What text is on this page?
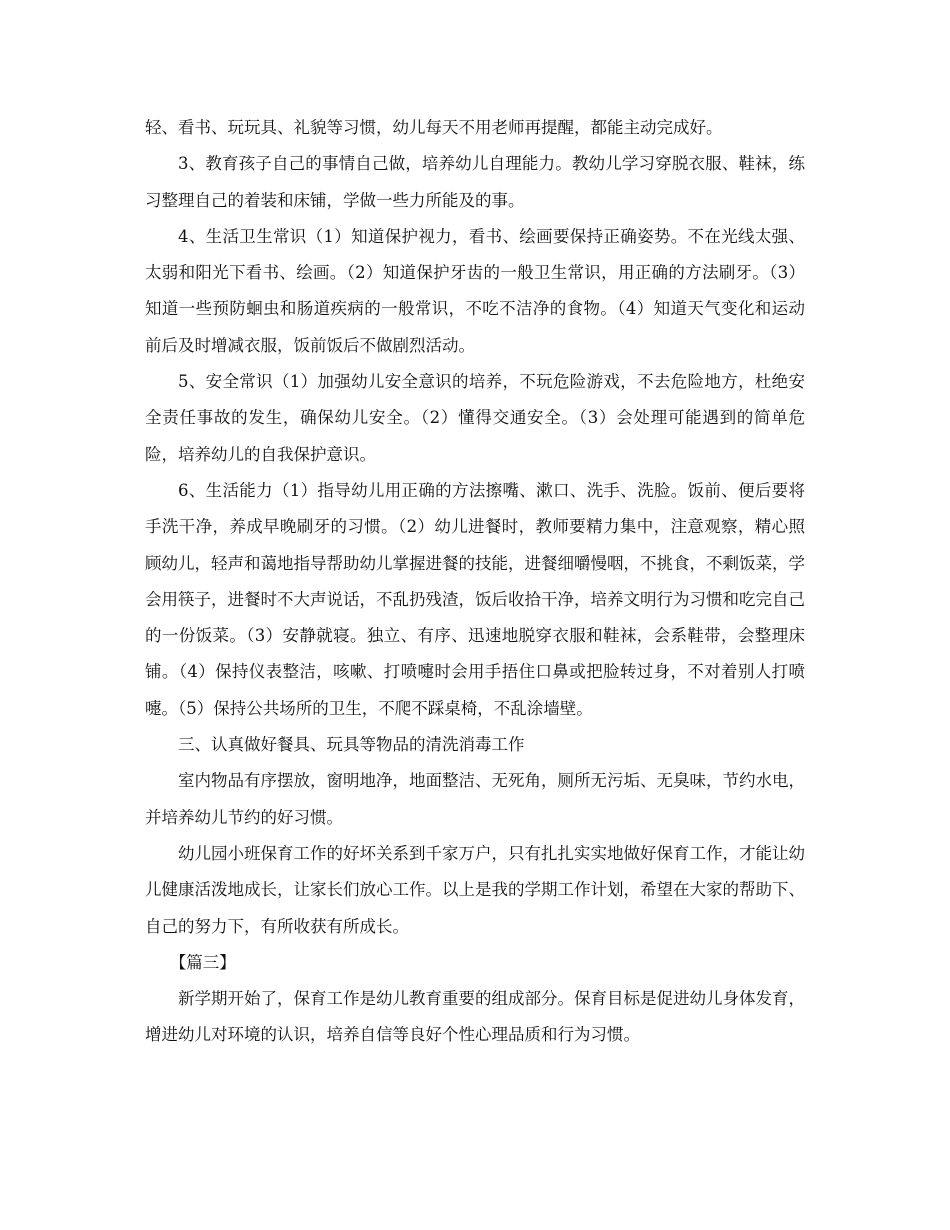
轻、看书、玩玩具、礼貌等习惯，幼儿每天不用老师再提醒，都能主动完成好。

3、教育孩子自己的事情自己做，培养幼儿自理能力。教幼儿学习穿脱衣服、鞋袜，练习整理自己的着装和床铺，学做一些力所能及的事。

4、生活卫生常识（1）知道保护视力，看书、绘画要保持正确姿势。不在光线太强、太弱和阳光下看书、绘画。（2）知道保护牙齿的一般卫生常识，用正确的方法刷牙。（3）知道一些预防蛔虫和肠道疾病的一般常识，不吃不洁净的食物。（4）知道天气变化和运动前后及时增减衣服，饭前饭后不做剧烈活动。

5、安全常识（1）加强幼儿安全意识的培养，不玩危险游戏，不去危险地方，杜绝安全责任事故的发生，确保幼儿安全。（2）懂得交通安全。（3）会处理可能遇到的简单危险，培养幼儿的自我保护意识。

6、生活能力（1）指导幼儿用正确的方法擦嘴、漱口、洗手、洗脸。饭前、便后要将手洗干净，养成早晚刷牙的习惯。（2）幼儿进餐时，教师要精力集中，注意观察，精心照顾幼儿，轻声和蔼地指导帮助幼儿掌握进餐的技能，进餐细嚼慢咽，不挑食，不剩饭菜，学会用筷子，进餐时不大声说话，不乱扔残渣，饭后收拾干净，培养文明行为习惯和吃完自己的一份饭菜。（3）安静就寝。独立、有序、迅速地脱穿衣服和鞋袜，会系鞋带，会整理床铺。（4）保持仪表整洁，咳嗽、打喷嚏时会用手捂住口鼻或把脸转过身，不对着别人打喷嚏。（5）保持公共场所的卫生，不爬不踩桌椅，不乱涂墙壁。

三、认真做好餐具、玩具等物品的清洗消毒工作

室内物品有序摆放，窗明地净，地面整洁、无死角，厕所无污垢、无臭味，节约水电，并培养幼儿节约的好习惯。

幼儿园小班保育工作的好坏关系到千家万户，只有扎扎实实地做好保育工作，才能让幼儿健康活泼地成长，让家长们放心工作。以上是我的学期工作计划，希望在大家的帮助下、自己的努力下，有所收获有所成长。

【篇三】

新学期开始了，保育工作是幼儿教育重要的组成部分。保育目标是促进幼儿身体发育，增进幼儿对环境的认识，培养自信等良好个性心理品质和行为习惯。
